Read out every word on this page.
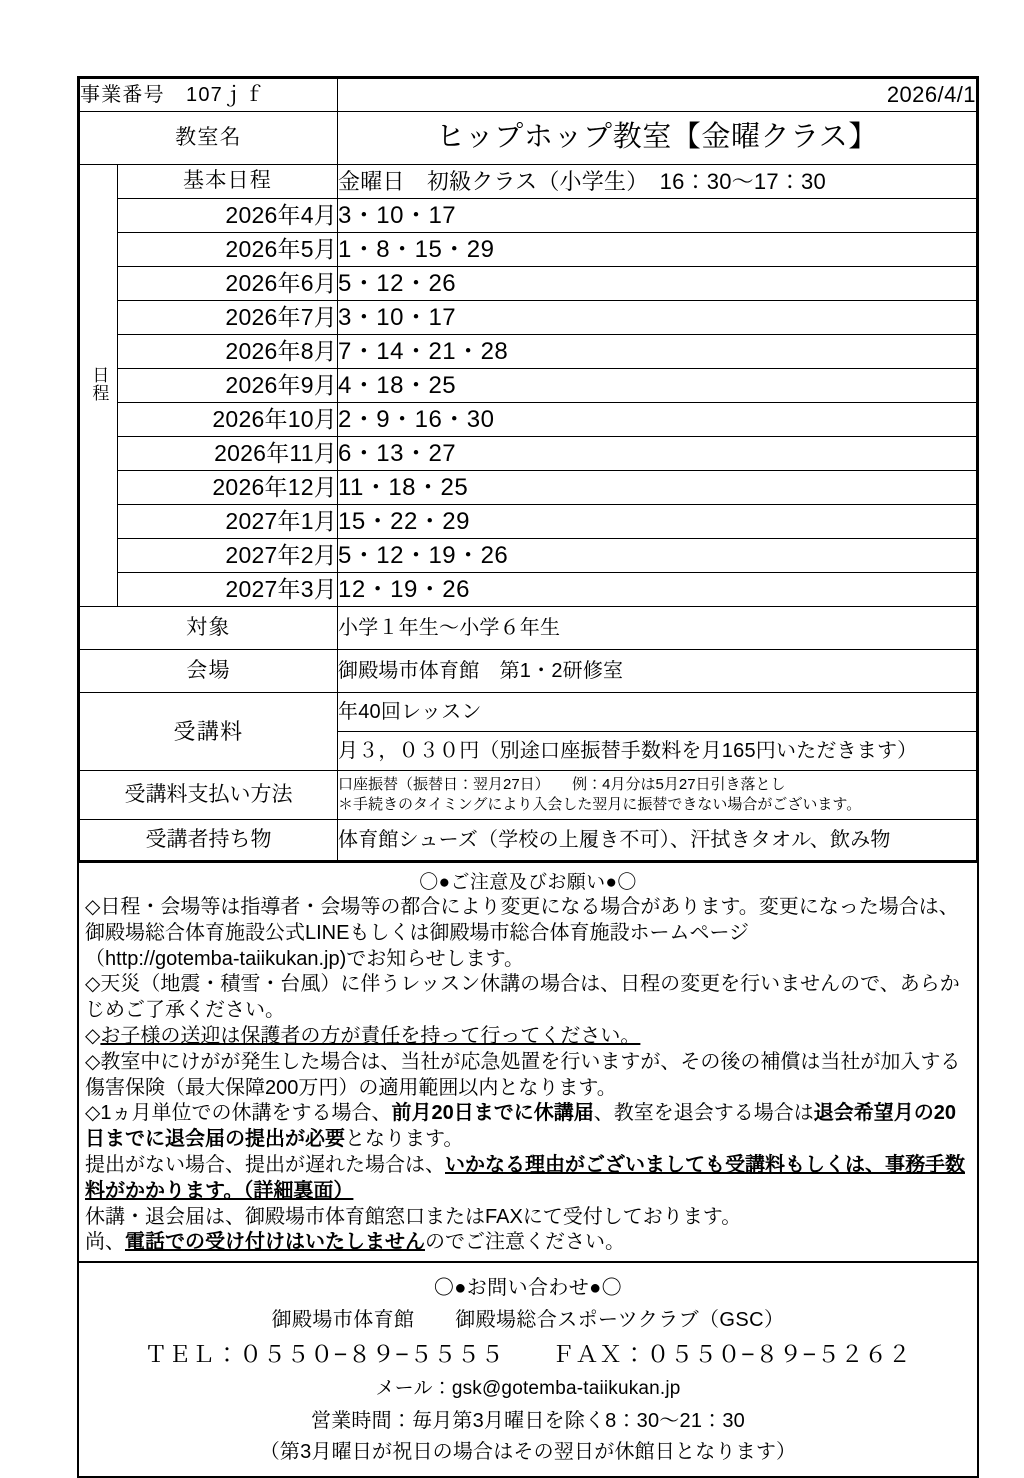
事業番号　107ｊｆ		2026/4/1
教室名		ヒップホップ教室【金曜クラス】
日程	基本日程	金曜日　初級クラス（小学生）　16：30〜17：30
	2026年4月	3・10・17
	2026年5月	1・8・15・29
	2026年6月	5・12・26
	2026年7月	3・10・17
	2026年8月	7・14・21・28
	2026年9月	4・18・25
	2026年10月	2・9・16・30
	2026年11月	6・13・27
	2026年12月	11・18・25
	2027年1月	15・22・29
	2027年2月	5・12・19・26
	2027年3月	12・19・26
対象		小学１年生〜小学６年生
会場		御殿場市体育館　第1・2研修室
受講料		年40回レッスン
		月３，０３０円（別途口座振替手数料を月165円いただきます）
受講料支払い方法		口座振替（振替日：翌月27日）　　例：4月分は5月27日引き落とし
＊手続きのタイミングにより入会した翌月に振替できない場合がございます。

受講者持ち物		体育館シューズ（学校の上履き不可）、汗拭きタオル、飲み物
〇●ご注意及びお願い●〇

◇日程・会場等は指導者・会場等の都合により変更になる場合があります。変更になった場合は、御殿場総合体育施設公式LINEもしくは御殿場市総合体育施設ホームページ

（http://gotemba-taiikukan.jp)でお知らせします。

◇天災（地震・積雪・台風）に伴うレッスン休講の場合は、日程の変更を行いませんので、あらかじめご了承ください。

◇お子様の送迎は保護者の方が責任を持って行ってください。

◇教室中にけがが発生した場合は、当社が応急処置を行いますが、その後の補償は当社が加入する傷害保険（最大保障200万円）の適用範囲以内となります。

◇1ヵ月単位での休講をする場合、前月20日までに休講届、教室を退会する場合は退会希望月の20日までに退会届の提出が必要となります。

提出がない場合、提出が遅れた場合は、いかなる理由がございましても受講料もしくは、事務手数料がかかります。（詳細裏面）

休講・退会届は、御殿場市体育館窓口またはFAXにて受付しております。

尚、電話での受け付けはいたしませんのでご注意ください。

〇●お問い合わせ●〇

御殿場市体育館　　御殿場総合スポーツクラブ（GSC）

ＴＥＬ：０５５０−８９−５５５５　　ＦＡＸ：０５５０−８９−５２６２

メール：gsk@gotemba-taiikukan.jp

営業時間：毎月第3月曜日を除く8：30〜21：30

（第3月曜日が祝日の場合はその翌日が休館日となります）
